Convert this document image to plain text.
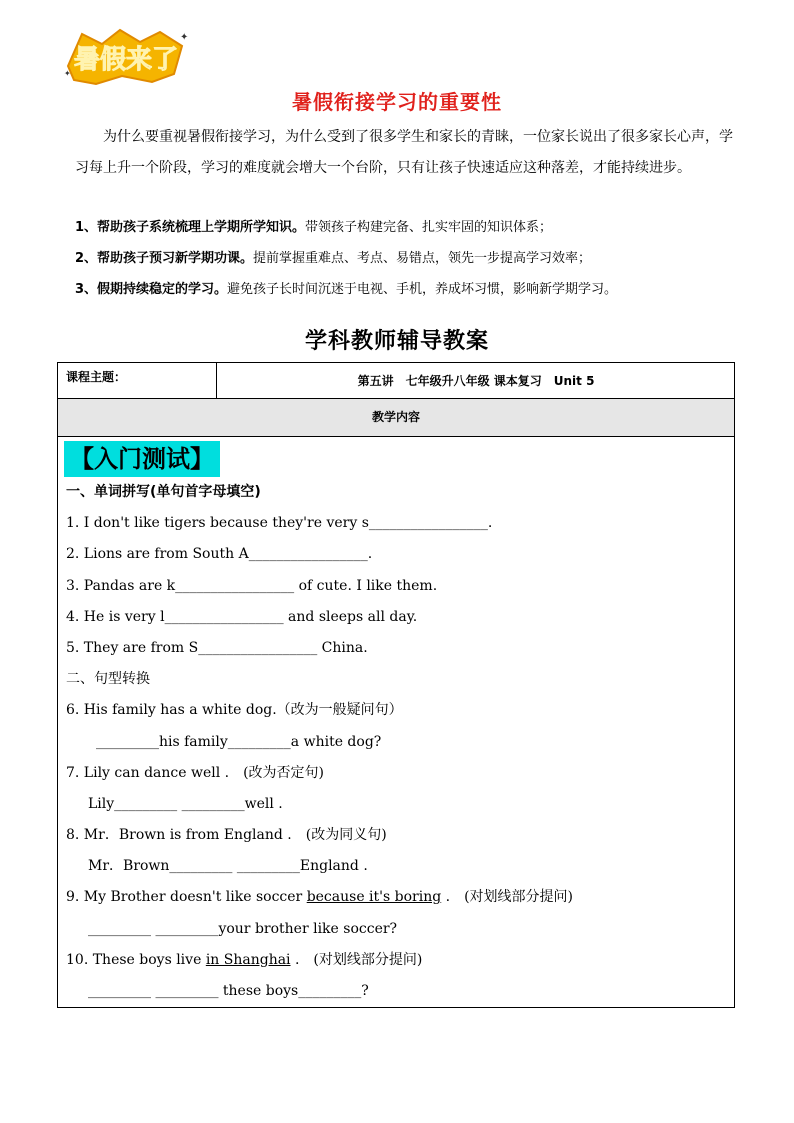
暑假来了
✦
✦
暑假衔接学习的重要性

为什么要重视暑假衔接学习，为什么受到了很多学生和家长的青睐，一位家长说出了很多家长心声，学习每上升一个阶段，学习的难度就会增大一个台阶，只有让孩子快速适应这种落差，才能持续进步。

1、帮助孩子系统梳理上学期所学知识。带领孩子构建完备、扎实牢固的知识体系；
2、帮助孩子预习新学期功课。提前掌握重难点、考点、易错点，领先一步提高学习效率；
3、假期持续稳定的学习。避免孩子长时间沉迷于电视、手机，养成坏习惯，影响新学期学习。
学科教师辅导教案
课程主题：	第五讲　七年级升八年级 课本复习　Unit 5
教学内容
【入门测试】
一、单词拼写(单句首字母填空)
1. I don't like tigers because they're very s_________________.
2. Lions are from South A_________________.
3. Pandas are k_________________ of cute. I like them.
4. He is very l_________________ and sleeps all day.
5. They are from S_________________ China.
二、句型转换
6. His family has a white dog.（改为一般疑问句）
_________his family_________a white dog?
7. Lily can dance well .　(改为否定句)
Lily_________ _________well .
8. Mr．Brown is from England .　(改为同义句)
Mr．Brown_________ _________England .
9. My Brother doesn't like soccer because it's boring .　(对划线部分提问)
_________ _________your brother like soccer?
10. These boys live in Shanghai .　(对划线部分提问)
_________ _________ these boys_________?
